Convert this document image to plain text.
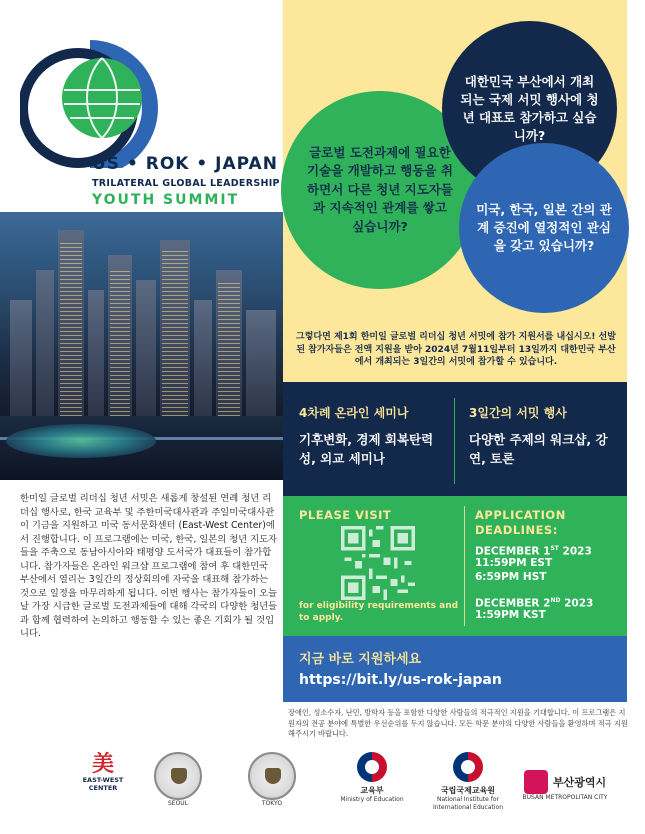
US • ROK • JAPAN
TRILATERAL GLOBAL LEADERSHIP
YOUTH SUMMIT
글로벌 도전과제에 필요한 기술을 개발하고 행동을 취하면서 다른 청년 지도자들과 지속적인 관계를 쌓고 싶습니까?
대한민국 부산에서 개최되는 국제 서밋 행사에 청년 대표로 참가하고 싶습니까?
미국, 한국, 일본 간의 관계 증진에 열정적인 관심을 갖고 있습니까?
그렇다면 제1회 한미일 글로벌 리더십 청년 서밋에 참가 지원서를 내십시오! 선발된 참가자들은 전액 지원을 받아 2024년 7월11일부터 13일까지 대한민국 부산에서 개최되는 3일간의 서밋에 참가할 수 있습니다.
4차례 온라인 세미나
기후변화, 경제 회복탄력성, 외교 세미나
3일간의 서밋 행사
다양한 주제의 워크샵, 강연, 토론
PLEASE VISIT
for eligibility requirements and to apply.
APPLICATION DEADLINES:
DECEMBER 1ST 2023
11:59PM EST
6:59PM HST
DECEMBER 2ND 2023
1:59PM KST
지금 바로 지원하세요
https://bit.ly/us-rok-japan
한미일 글로벌 리더십 청년 서밋은 새롭게 창설된 연례 청년 리더십 행사로, 한국 교육부 및 주한미국대사관과 주일미국대사관이 기금을 지원하고 미국 동서문화센터 (East-West Center)에서 진행합니다. 이 프로그램에는 미국, 한국, 일본의 청년 지도자들을 주축으로 동남아시아와 태평양 도서국가 대표들이 참가합니다. 참가자들은 온라인 워크샵 프로그램에 참여 후 대한민국 부산에서 열리는 3일간의 정상회의에 자국을 대표해 참가하는 것으로 일정을 마무리하게 됩니다. 이번 행사는 참가자들이 오늘날 가장 시급한 글로벌 도전과제들에 대해 각국의 다양한 청년들과 함께 협력하여 논의하고 행동할 수 있는 좋은 기회가 될 것입니다.
장애인, 성소수자, 난민, 방학자 등을 포함한 다양한 사람들의 적극적인 지원을 기대합니다. 이 프로그램은 지원자의 전공 분야에 특별한 우선순위를 두지 않습니다. 모든 학문 분야의 다양한 사람들을 환영하며 적극 지원해주시기 바랍니다.
美
EAST-WEST
CENTER
SEOUL	TOKYO
교육부
Ministry of Education
국립국제교육원
National Institute for International Education
부산광역시
BUSAN METROPOLITAN CITY
